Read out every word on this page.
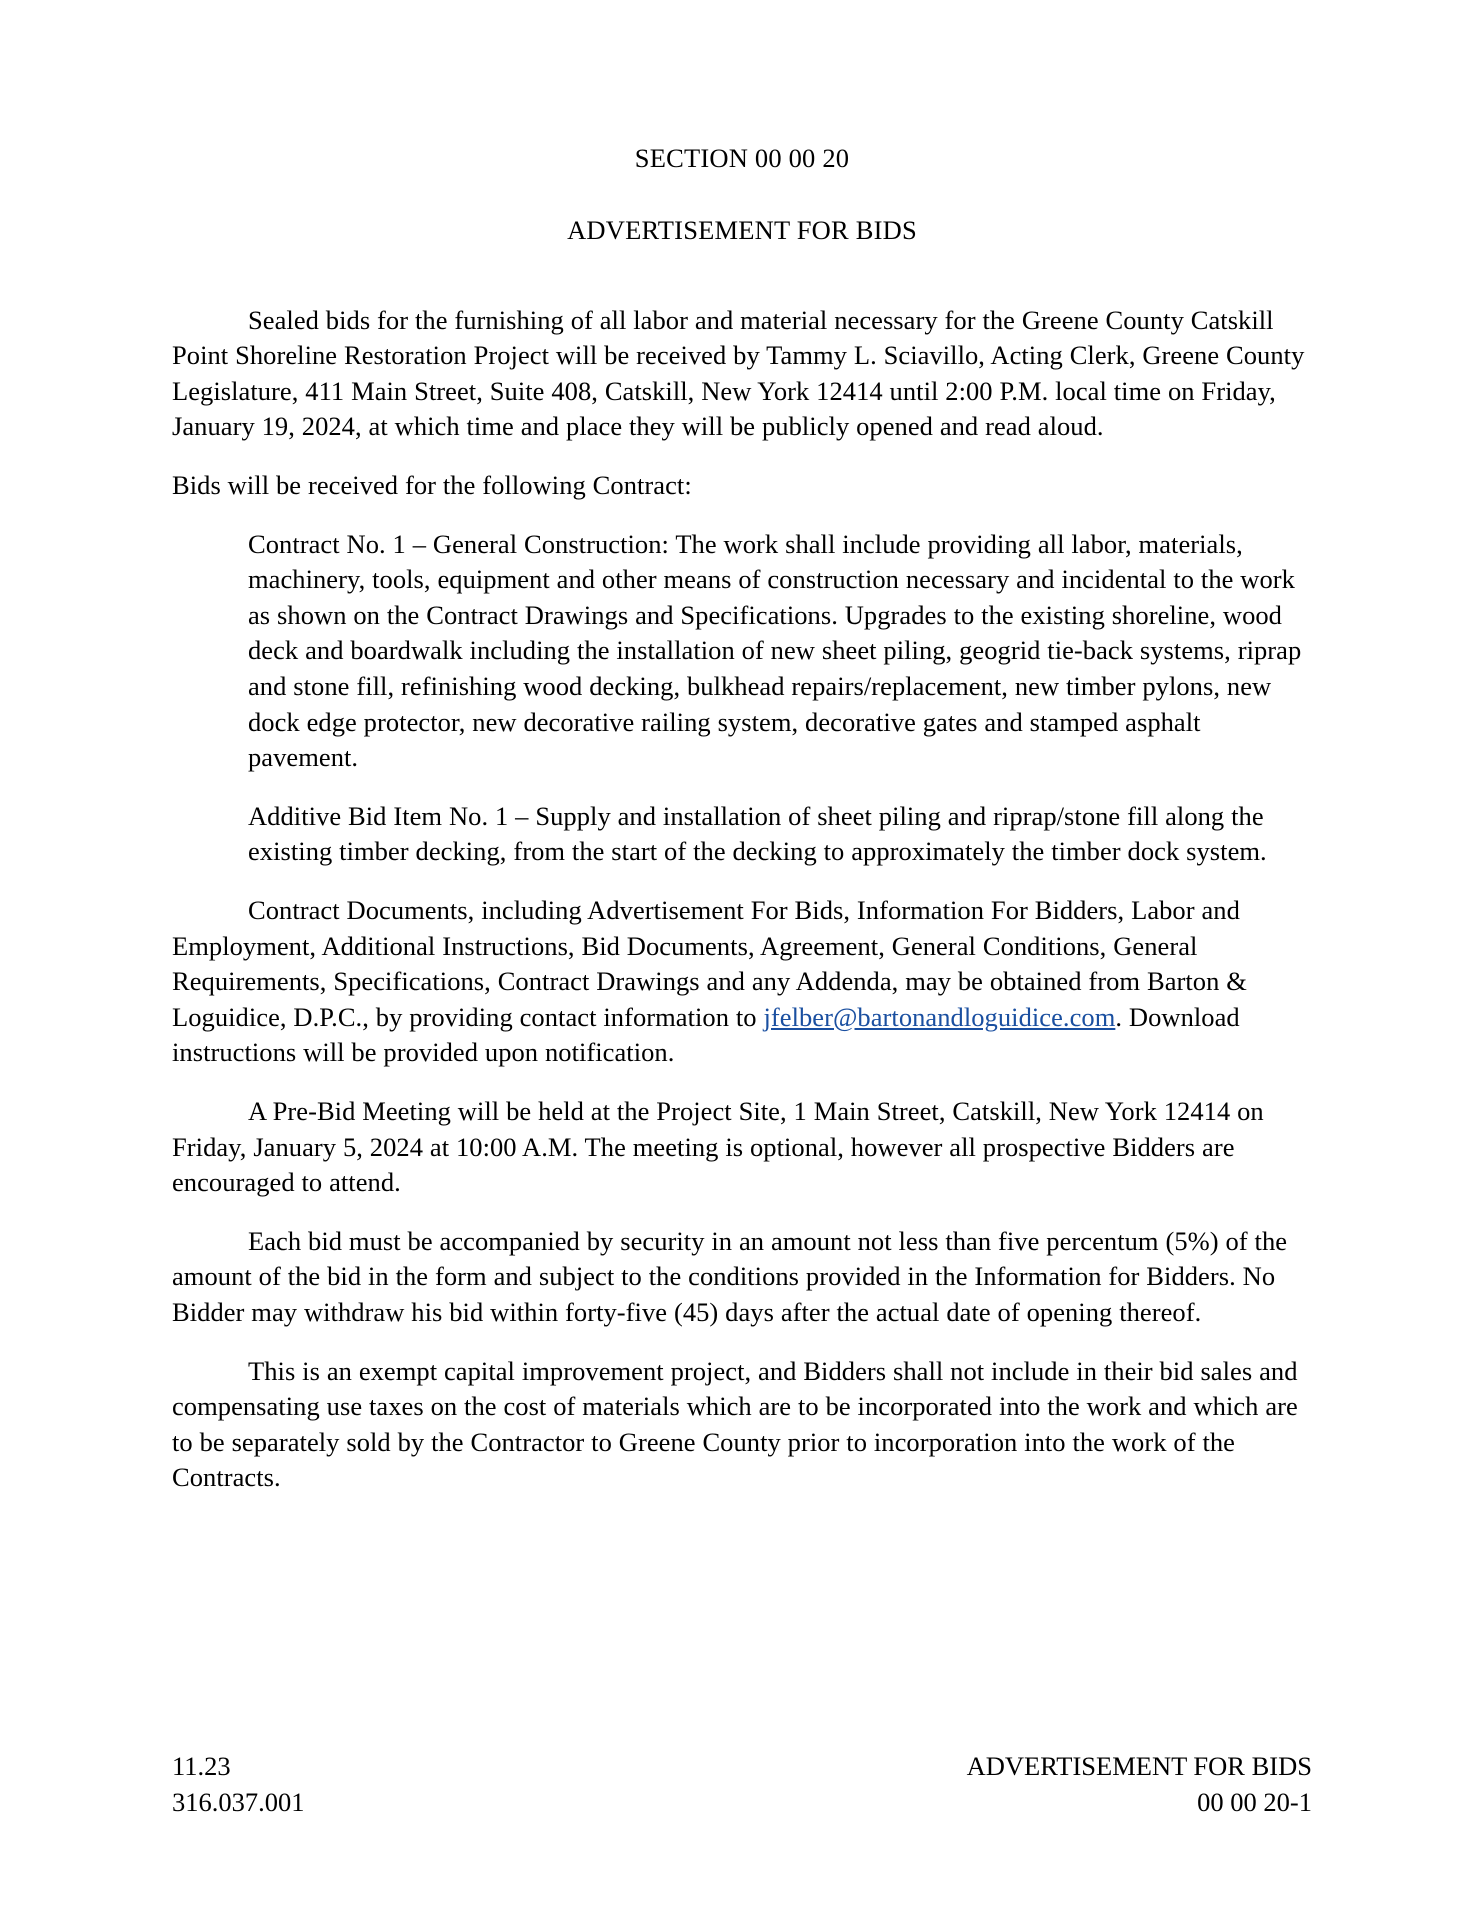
SECTION 00 00 20
ADVERTISEMENT FOR BIDS

Sealed bids for the furnishing of all labor and material necessary for the Greene County Catskill Point Shoreline Restoration Project will be received by Tammy L. Sciavillo, Acting Clerk, Greene County Legislature, 411 Main Street, Suite 408, Catskill, New York 12414 until 2:00 P.M. local time on Friday, January 19, 2024, at which time and place they will be publicly opened and read aloud.

Bids will be received for the following Contract:

Contract No. 1 – General Construction: The work shall include providing all labor, materials, machinery, tools, equipment and other means of construction necessary and incidental to the work as shown on the Contract Drawings and Specifications. Upgrades to the existing shoreline, wood deck and boardwalk including the installation of new sheet piling, geogrid tie-back systems, riprap and stone fill, refinishing wood decking, bulkhead repairs/replacement, new timber pylons, new dock edge protector, new decorative railing system, decorative gates and stamped asphalt pavement.

Additive Bid Item No. 1 – Supply and installation of sheet piling and riprap/stone fill along the existing timber decking, from the start of the decking to approximately the timber dock system.

Contract Documents, including Advertisement For Bids, Information For Bidders, Labor and Employment, Additional Instructions, Bid Documents, Agreement, General Conditions, General Requirements, Specifications, Contract Drawings and any Addenda, may be obtained from Barton & Loguidice, D.P.C., by providing contact information to jfelber@bartonandloguidice.com. Download instructions will be provided upon notification.

A Pre-Bid Meeting will be held at the Project Site, 1 Main Street, Catskill, New York 12414 on Friday, January 5, 2024 at 10:00 A.M. The meeting is optional, however all prospective Bidders are encouraged to attend.

Each bid must be accompanied by security in an amount not less than five percentum (5%) of the amount of the bid in the form and subject to the conditions provided in the Information for Bidders. No Bidder may withdraw his bid within forty-five (45) days after the actual date of opening thereof.

This is an exempt capital improvement project, and Bidders shall not include in their bid sales and compensating use taxes on the cost of materials which are to be incorporated into the work and which are to be separately sold by the Contractor to Greene County prior to incorporation into the work of the Contracts.

11.23	ADVERTISEMENT FOR BIDS
316.037.001	00 00 20-1
